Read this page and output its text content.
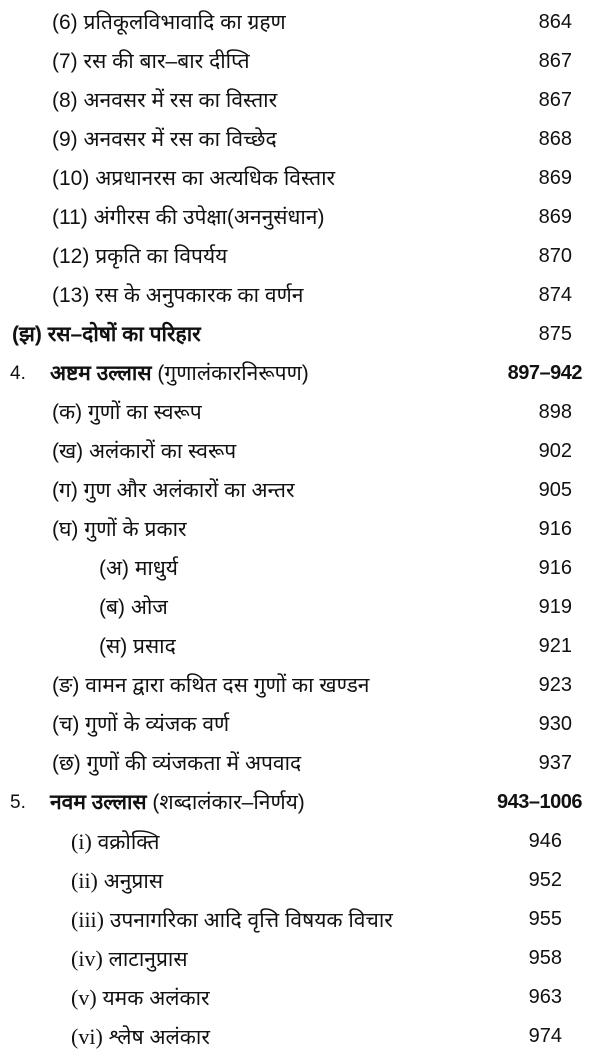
(6) प्रतिकूलविभावादि का ग्रहण	864
(7) रस की बार–बार दीप्ति	867
(8) अनवसर में रस का विस्तार	867
(9) अनवसर में रस का विच्छेद	868
(10) अप्रधानरस का अत्यधिक विस्तार	869
(11) अंगीरस की उपेक्षा(अननुसंधान)	869
(12) प्रकृति का विपर्यय	870
(13) रस के अनुपकारक का वर्णन	874
(झ) रस–दोषों का परिहार	875
4. अष्टम उल्लास (गुणालंकारनिरूपण)	897–942
(क) गुणों का स्वरूप	898
(ख) अलंकारों का स्वरूप	902
(ग) गुण और अलंकारों का अन्तर	905
(घ) गुणों के प्रकार	916
(अ) माधुर्य	916
(ब) ओज	919
(स) प्रसाद	921
(ङ) वामन द्वारा कथित दस गुणों का खण्डन	923
(च) गुणों के व्यंजक वर्ण	930
(छ) गुणों की व्यंजकता में अपवाद	937
5. नवम उल्लास (शब्दालंकार–निर्णय)	943–1006
(i) वक्रोक्ति	946
(ii) अनुप्रास	952
(iii) उपनागरिका आदि वृत्ति विषयक विचार	955
(iv) लाटानुप्रास	958
(v) यमक अलंकार	963
(vi) श्लेष अलंकार	974
